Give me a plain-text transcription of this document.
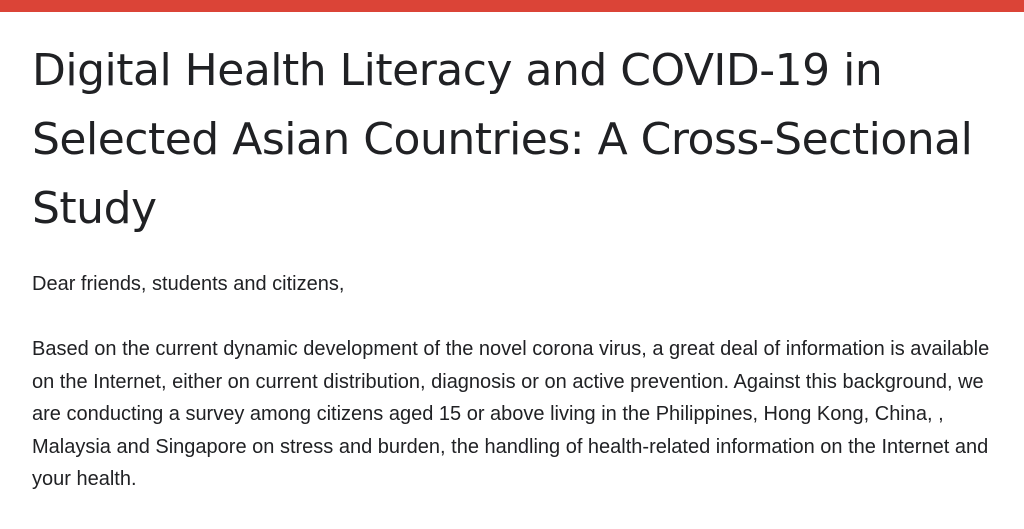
Digital Health Literacy and COVID-19 in Selected Asian Countries: A Cross-Sectional Study

Dear friends, students and citizens,

Based on the current dynamic development of the novel corona virus, a great deal of information is available on the Internet, either on current distribution, diagnosis or on active prevention. Against this background, we are conducting a survey among citizens aged 15 or above living in the Philippines, Hong Kong, China, , Malaysia and Singapore on stress and burden, the handling of health-related information on the Internet and your health.
